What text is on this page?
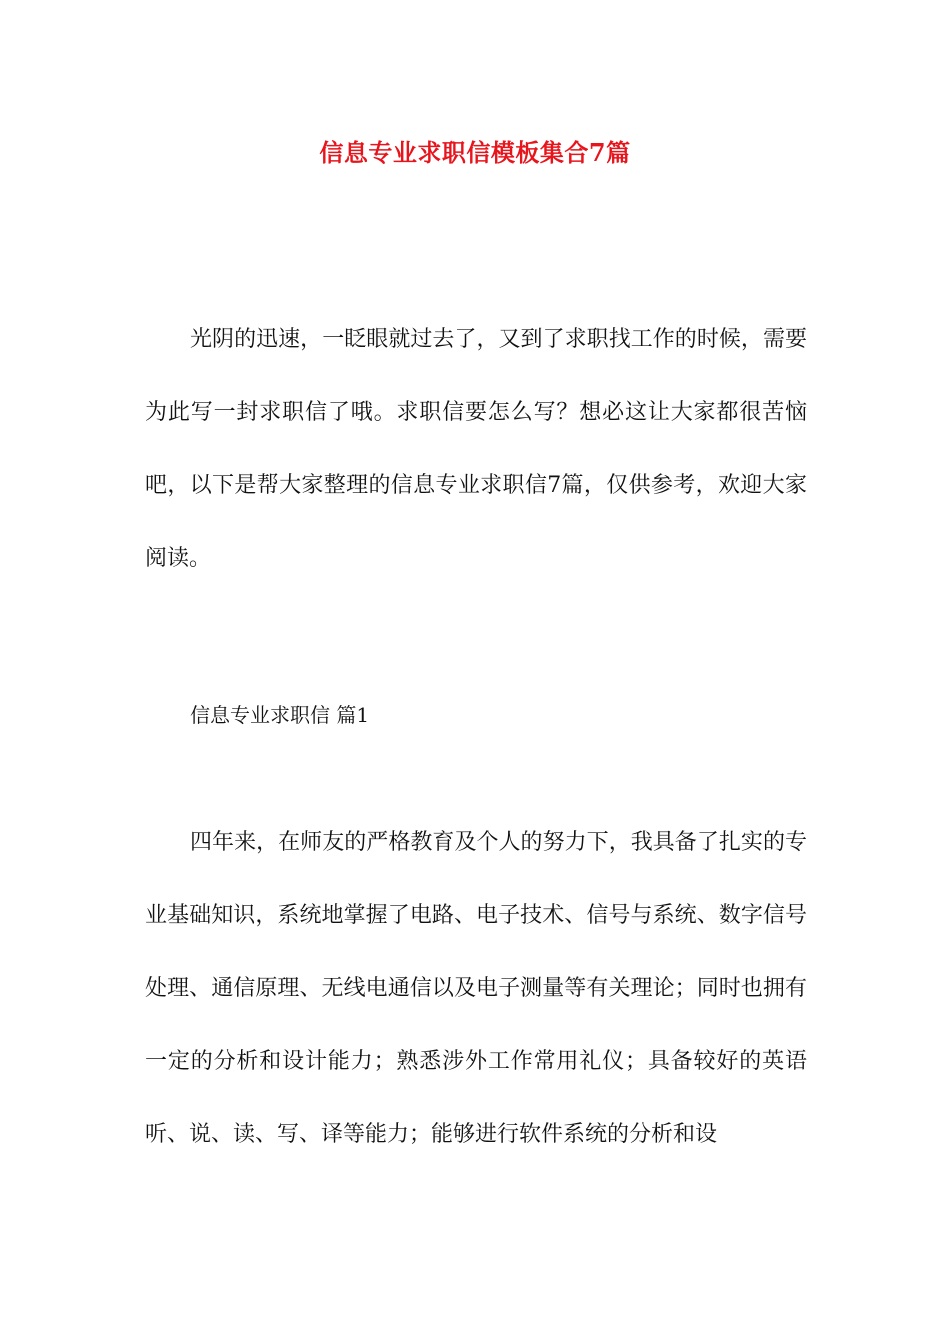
信息专业求职信模板集合7篇

光阴的迅速，一眨眼就过去了，又到了求职找工作的时候，需要为此写一封求职信了哦。求职信要怎么写？想必这让大家都很苦恼吧，以下是帮大家整理的信息专业求职信7篇，仅供参考，欢迎大家阅读。

信息专业求职信 篇1

四年来，在师友的严格教育及个人的努力下，我具备了扎实的专业基础知识，系统地掌握了电路、电子技术、信号与系统、数字信号处理、通信原理、无线电通信以及电子测量等有关理论；同时也拥有一定的分析和设计能力；熟悉涉外工作常用礼仪；具备较好的英语听、说、读、写、译等能力；能够进行软件系统的分析和设
